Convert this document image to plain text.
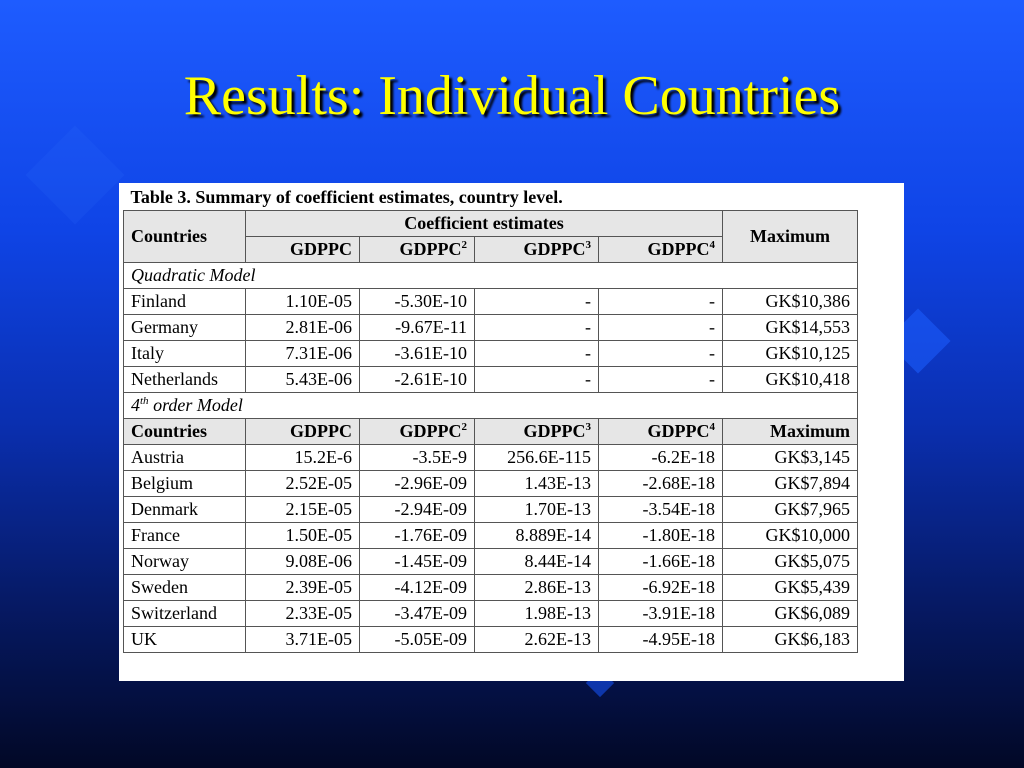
Results: Individual Countries
Table 3. Summary of coefficient estimates, country level.					
Countries	Coefficient estimates				Maximum
	GDPPC	GDPPC$^2$	GDPPC$^3$	GDPPC$^4$
Quadratic Model					
Finland	1.10E-05	-5.30E-10	-	-	GK$10,386
Germany	2.81E-06	-9.67E-11	-	-	GK$14,553
Italy	7.31E-06	-3.61E-10	-	-	GK$10,125
Netherlands	5.43E-06	-2.61E-10	-	-	GK$10,418
4th order Model					
Countries	GDPPC	GDPPC$^2$	GDPPC$^3$	GDPPC$^4$	Maximum
Austria	15.2E-6	-3.5E-9	256.6E-115	-6.2E-18	GK$3,145
Belgium	2.52E-05	-2.96E-09	1.43E-13	-2.68E-18	GK$7,894
Denmark	2.15E-05	-2.94E-09	1.70E-13	-3.54E-18	GK$7,965
France	1.50E-05	-1.76E-09	8.889E-14	-1.80E-18	GK$10,000
Norway	9.08E-06	-1.45E-09	8.44E-14	-1.66E-18	GK$5,075
Sweden	2.39E-05	-4.12E-09	2.86E-13	-6.92E-18	GK$5,439
Switzerland	2.33E-05	-3.47E-09	1.98E-13	-3.91E-18	GK$6,089
UK	3.71E-05	-5.05E-09	2.62E-13	-4.95E-18	GK$6,183
